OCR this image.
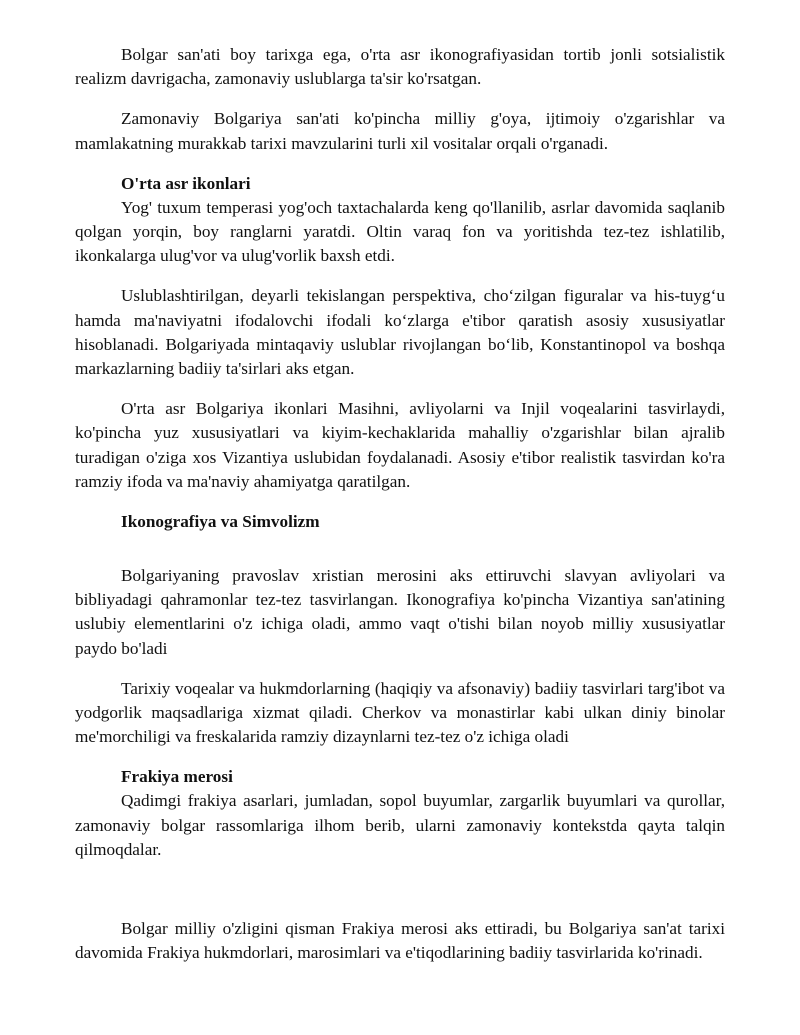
Bolgar san'ati boy tarixga ega, o'rta asr ikonografiyasidan tortib jonli sotsialistik realizm davrigacha, zamonaviy uslublarga ta'sir ko'rsatgan.

Zamonaviy Bolgariya san'ati ko'pincha milliy g'oya, ijtimoiy o'zgarishlar va mamlakatning murakkab tarixi mavzularini turli xil vositalar orqali o'rganadi.

O'rta asr ikonlari

Yog' tuxum temperasi yog'och taxtachalarda keng qo'llanilib, asrlar davomida saqlanib qolgan yorqin, boy ranglarni yaratdi. Oltin varaq fon va yoritishda tez-tez ishlatilib, ikonkalarga ulug'vor va ulug'vorlik baxsh etdi.

Uslublashtirilgan, deyarli tekislangan perspektiva, cho‘zilgan figuralar va his-tuyg‘u hamda ma'naviyatni ifodalovchi ifodali ko‘zlarga e'tibor qaratish asosiy xususiyatlar hisoblanadi. Bolgariyada mintaqaviy uslublar rivojlangan bo‘lib, Konstantinopol va boshqa markazlarning badiiy ta'sirlari aks etgan.

O'rta asr Bolgariya ikonlari Masihni, avliyolarni va Injil voqealarini tasvirlaydi, ko'pincha yuz xususiyatlari va kiyim-kechaklarida mahalliy o'zgarishlar bilan ajralib turadigan o'ziga xos Vizantiya uslubidan foydalanadi. Asosiy e'tibor realistik tasvirdan ko'ra ramziy ifoda va ma'naviy ahamiyatga qaratilgan.

Ikonografiya va Simvolizm

Bolgariyaning pravoslav xristian merosini aks ettiruvchi slavyan avliyolari va bibliyadagi qahramonlar tez-tez tasvirlangan. Ikonografiya ko'pincha Vizantiya san'atining uslubiy elementlarini o'z ichiga oladi, ammo vaqt o'tishi bilan noyob milliy xususiyatlar paydo bo'ladi

Tarixiy voqealar va hukmdorlarning (haqiqiy va afsonaviy) badiiy tasvirlari targ'ibot va yodgorlik maqsadlariga xizmat qiladi. Cherkov va monastirlar kabi ulkan diniy binolar me'morchiligi va freskalarida ramziy dizaynlarni tez-tez o'z ichiga oladi

Frakiya merosi

Qadimgi frakiya asarlari, jumladan, sopol buyumlar, zargarlik buyumlari va qurollar, zamonaviy bolgar rassomlariga ilhom berib, ularni zamonaviy kontekstda qayta talqin qilmoqdalar.

Bolgar milliy o'zligini qisman Frakiya merosi aks ettiradi, bu Bolgariya san'at tarixi davomida Frakiya hukmdorlari, marosimlari va e'tiqodlarining badiiy tasvirlarida ko'rinadi.
